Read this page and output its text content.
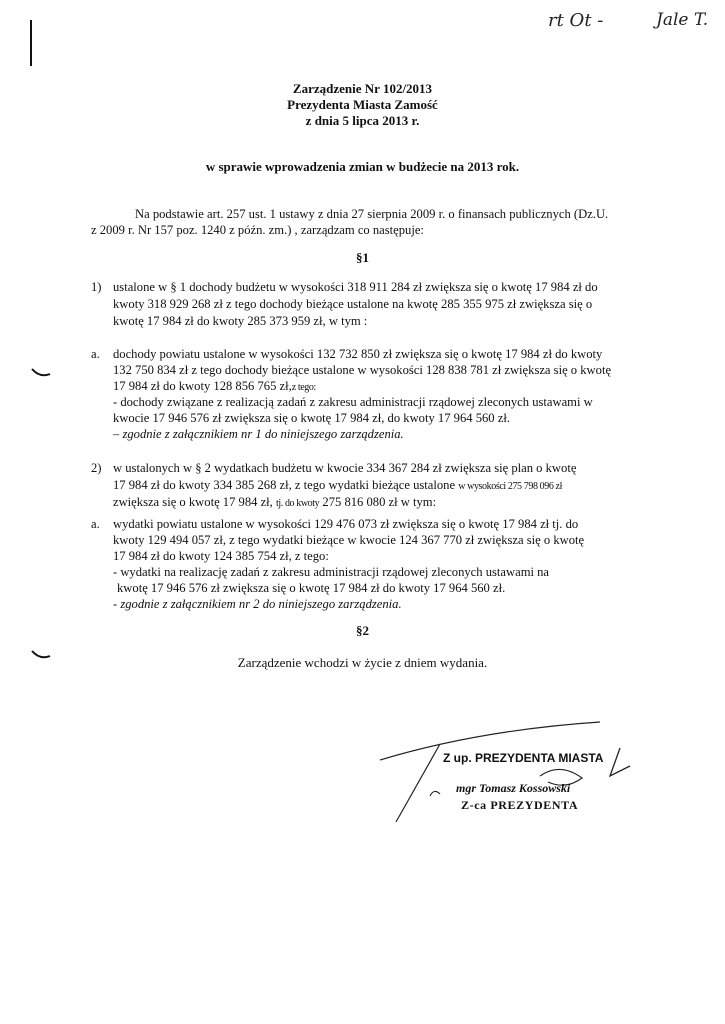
rt Ot -	Jale T.
Zarządzenie Nr 102/2013
Prezydenta Miasta Zamość
z dnia 5 lipca 2013 r.
w sprawie wprowadzenia zmian w budżecie na 2013 rok.
Na podstawie art. 257 ust. 1 ustawy z dnia 27 sierpnia 2009 r. o finansach publicznych (Dz.U.
z 2009 r. Nr 157 poz. 1240 z późn. zm.) , zarządzam co następuje:
§1
1) ustalone w § 1 dochody budżetu w wysokości 318 911 284 zł zwiększa się o kwotę 17 984 zł do
kwoty 318 929 268 zł z tego dochody bieżące ustalone na kwotę 285 355 975 zł zwiększa się o
kwotę 17 984 zł do kwoty 285 373 959 zł, w tym :
a. dochody powiatu ustalone w wysokości 132 732 850 zł zwiększa się o kwotę 17 984 zł do kwoty
132 750 834 zł z tego dochody bieżące ustalone w wysokości 128 838 781 zł zwiększa się o kwotę
17 984 zł do kwoty 128 856 765 zł,z tego:
- dochody związane z realizacją zadań z zakresu administracji rządowej zleconych ustawami w
kwocie 17 946 576 zł zwiększa się o kwotę 17 984 zł, do kwoty 17 964 560 zł.
– zgodnie z załącznikiem nr 1 do niniejszego zarządzenia.
2) w ustalonych w § 2 wydatkach budżetu w kwocie 334 367 284 zł zwiększa się plan o kwotę
17 984 zł do kwoty 334 385 268 zł, z tego wydatki bieżące ustalone w wysokości 275 798 096 zł
zwiększa się o kwotę 17 984 zł, tj. do kwoty 275 816 080 zł w tym:
a. wydatki powiatu ustalone w wysokości 129 476 073 zł zwiększa się o kwotę 17 984 zł tj. do
kwoty 129 494 057 zł, z tego wydatki bieżące w kwocie 124 367 770 zł zwiększa się o kwotę
17 984 zł do kwoty 124 385 754 zł, z tego:
- wydatki na realizację zadań z zakresu administracji rządowej zleconych ustawami na
kwotę 17 946 576 zł zwiększa się o kwotę 17 984 zł do kwoty 17 964 560 zł.
- zgodnie z załącznikiem nr 2 do niniejszego zarządzenia.
§2
Zarządzenie wchodzi w życie z dniem wydania.
Z up. PREZYDENTA MIASTA
mgr Tomasz Kossowski
Z-ca PREZYDENTA
